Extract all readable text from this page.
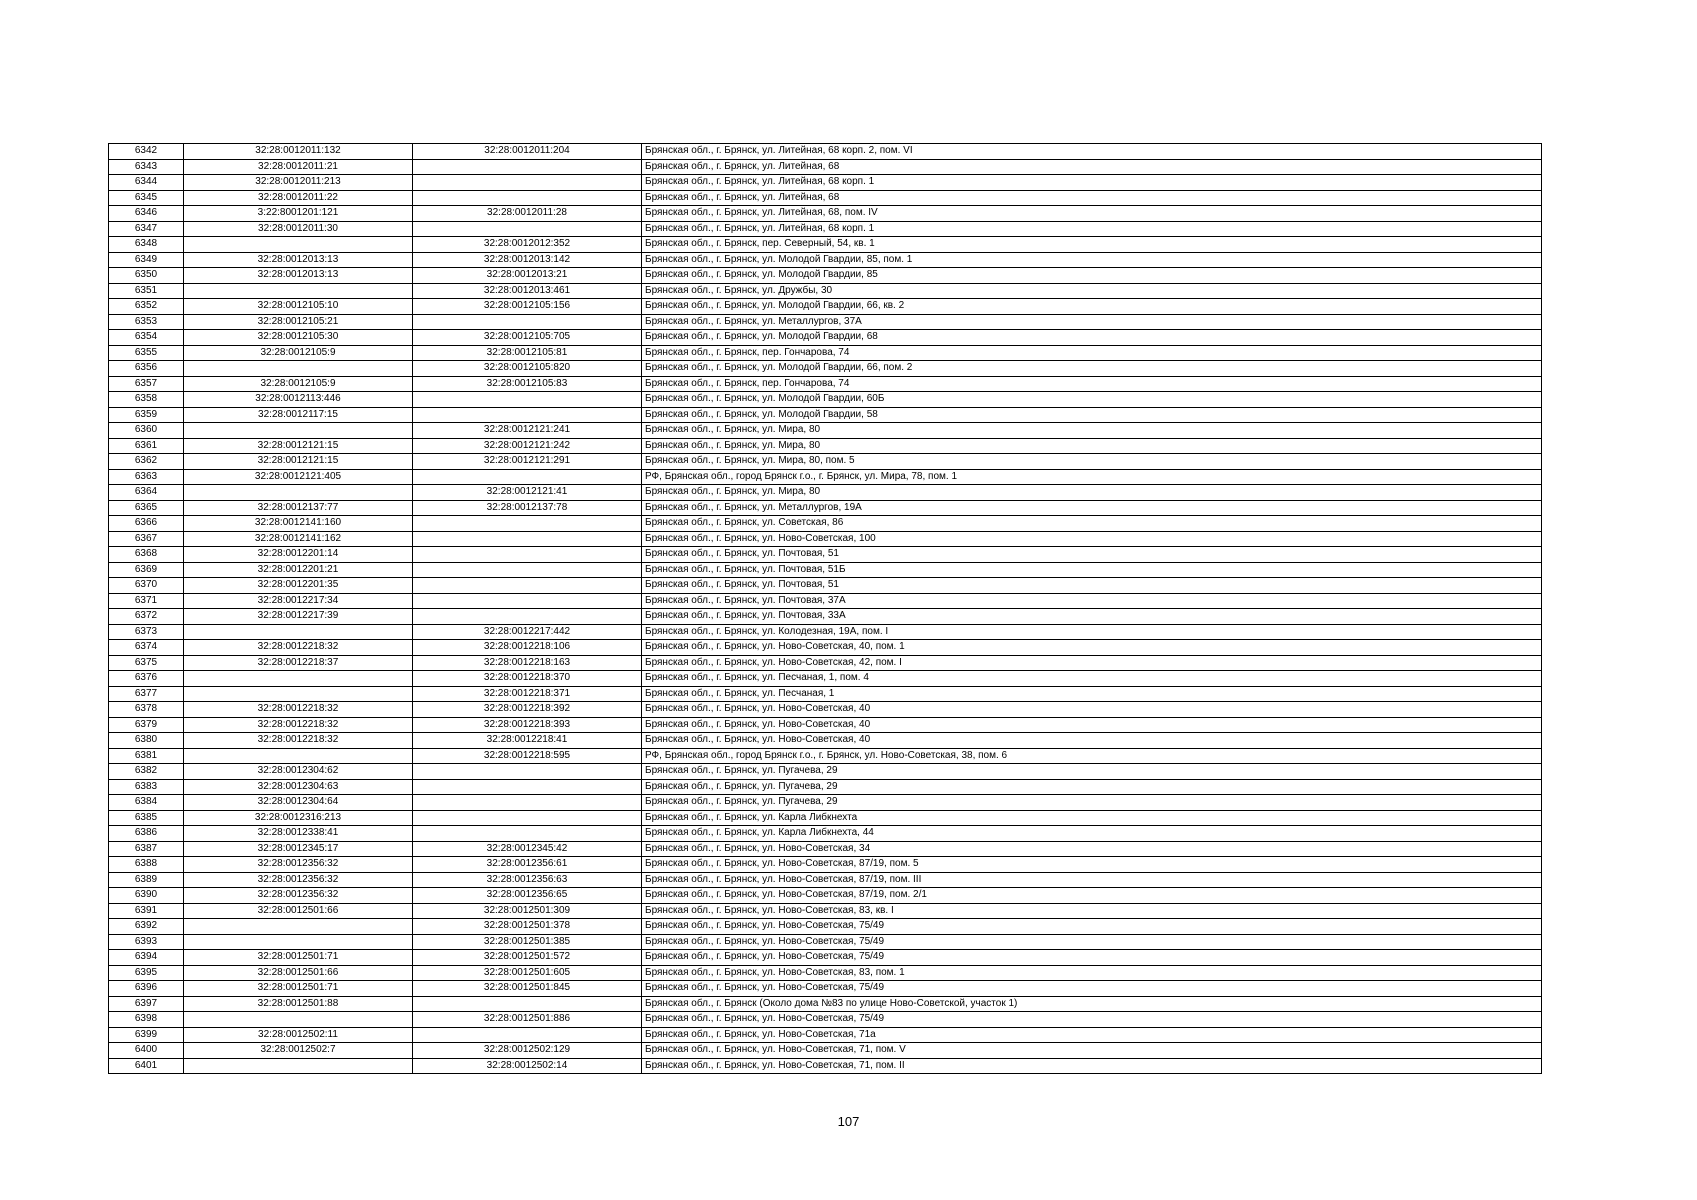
6342	32:28:0012011:132	32:28:0012011:204	Брянская обл., г. Брянск, ул. Литейная, 68 корп. 2, пом. VI
6343	32:28:0012011:21		Брянская обл., г. Брянск, ул. Литейная, 68
6344	32:28:0012011:213		Брянская обл., г. Брянск, ул. Литейная, 68 корп. 1
6345	32:28:0012011:22		Брянская обл., г. Брянск, ул. Литейная, 68
6346	3:22:8001201:121	32:28:0012011:28	Брянская обл., г. Брянск, ул. Литейная, 68, пом. IV
6347	32:28:0012011:30		Брянская обл., г. Брянск, ул. Литейная, 68 корп. 1
6348		32:28:0012012:352	Брянская обл., г. Брянск, пер. Северный, 54, кв. 1
6349	32:28:0012013:13	32:28:0012013:142	Брянская обл., г. Брянск, ул. Молодой Гвардии, 85, пом. 1
6350	32:28:0012013:13	32:28:0012013:21	Брянская обл., г. Брянск, ул. Молодой Гвардии, 85
6351		32:28:0012013:461	Брянская обл., г. Брянск, ул. Дружбы, 30
6352	32:28:0012105:10	32:28:0012105:156	Брянская обл., г. Брянск, ул. Молодой Гвардии, 66, кв. 2
6353	32:28:0012105:21		Брянская обл., г. Брянск, ул. Металлургов, 37А
6354	32:28:0012105:30	32:28:0012105:705	Брянская обл., г. Брянск, ул. Молодой Гвардии, 68
6355	32:28:0012105:9	32:28:0012105:81	Брянская обл., г. Брянск, пер. Гончарова, 74
6356		32:28:0012105:820	Брянская обл., г. Брянск, ул. Молодой Гвардии, 66, пом. 2
6357	32:28:0012105:9	32:28:0012105:83	Брянская обл., г. Брянск, пер. Гончарова, 74
6358	32:28:0012113:446		Брянская обл., г. Брянск, ул. Молодой Гвардии, 60Б
6359	32:28:0012117:15		Брянская обл., г. Брянск, ул. Молодой Гвардии, 58
6360		32:28:0012121:241	Брянская обл., г. Брянск, ул. Мира, 80
6361	32:28:0012121:15	32:28:0012121:242	Брянская обл., г. Брянск, ул. Мира, 80
6362	32:28:0012121:15	32:28:0012121:291	Брянская обл., г. Брянск, ул. Мира, 80, пом. 5
6363	32:28:0012121:405		РФ, Брянская обл., город Брянск г.о., г. Брянск, ул. Мира, 78, пом. 1
6364		32:28:0012121:41	Брянская обл., г. Брянск, ул. Мира, 80
6365	32:28:0012137:77	32:28:0012137:78	Брянская обл., г. Брянск, ул. Металлургов, 19А
6366	32:28:0012141:160		Брянская обл., г. Брянск, ул. Советская, 86
6367	32:28:0012141:162		Брянская обл., г. Брянск, ул. Ново-Советская, 100
6368	32:28:0012201:14		Брянская обл., г. Брянск, ул. Почтовая, 51
6369	32:28:0012201:21		Брянская обл., г. Брянск, ул. Почтовая, 51Б
6370	32:28:0012201:35		Брянская обл., г. Брянск, ул. Почтовая, 51
6371	32:28:0012217:34		Брянская обл., г. Брянск, ул. Почтовая, 37А
6372	32:28:0012217:39		Брянская обл., г. Брянск, ул. Почтовая, 33А
6373		32:28:0012217:442	Брянская обл., г. Брянск, ул. Колодезная, 19А, пом. I
6374	32:28:0012218:32	32:28:0012218:106	Брянская обл., г. Брянск, ул. Ново-Советская, 40, пом. 1
6375	32:28:0012218:37	32:28:0012218:163	Брянская обл., г. Брянск, ул. Ново-Советская, 42, пом. I
6376		32:28:0012218:370	Брянская обл., г. Брянск, ул. Песчаная, 1, пом. 4
6377		32:28:0012218:371	Брянская обл., г. Брянск, ул. Песчаная, 1
6378	32:28:0012218:32	32:28:0012218:392	Брянская обл., г. Брянск, ул. Ново-Советская, 40
6379	32:28:0012218:32	32:28:0012218:393	Брянская обл., г. Брянск, ул. Ново-Советская, 40
6380	32:28:0012218:32	32:28:0012218:41	Брянская обл., г. Брянск, ул. Ново-Советская, 40
6381		32:28:0012218:595	РФ, Брянская обл., город Брянск г.о., г. Брянск, ул. Ново-Советская, 38, пом. 6
6382	32:28:0012304:62		Брянская обл., г. Брянск, ул. Пугачева, 29
6383	32:28:0012304:63		Брянская обл., г. Брянск, ул. Пугачева, 29
6384	32:28:0012304:64		Брянская обл., г. Брянск, ул. Пугачева, 29
6385	32:28:0012316:213		Брянская обл., г. Брянск, ул. Карла Либкнехта
6386	32:28:0012338:41		Брянская обл., г. Брянск, ул. Карла Либкнехта, 44
6387	32:28:0012345:17	32:28:0012345:42	Брянская обл., г. Брянск, ул. Ново-Советская, 34
6388	32:28:0012356:32	32:28:0012356:61	Брянская обл., г. Брянск, ул. Ново-Советская, 87/19, пом. 5
6389	32:28:0012356:32	32:28:0012356:63	Брянская обл., г. Брянск, ул. Ново-Советская, 87/19, пом. III
6390	32:28:0012356:32	32:28:0012356:65	Брянская обл., г. Брянск, ул. Ново-Советская, 87/19, пом. 2/1
6391	32:28:0012501:66	32:28:0012501:309	Брянская обл., г. Брянск, ул. Ново-Советская, 83, кв. I
6392		32:28:0012501:378	Брянская обл., г. Брянск, ул. Ново-Советская, 75/49
6393		32:28:0012501:385	Брянская обл., г. Брянск, ул. Ново-Советская, 75/49
6394	32:28:0012501:71	32:28:0012501:572	Брянская обл., г. Брянск, ул. Ново-Советская, 75/49
6395	32:28:0012501:66	32:28:0012501:605	Брянская обл., г. Брянск, ул. Ново-Советская, 83, пом. 1
6396	32:28:0012501:71	32:28:0012501:845	Брянская обл., г. Брянск, ул. Ново-Советская, 75/49
6397	32:28:0012501:88		Брянская обл., г. Брянск (Около дома №83 по улице Ново-Советской, участок 1)
6398		32:28:0012501:886	Брянская обл., г. Брянск, ул. Ново-Советская, 75/49
6399	32:28:0012502:11		Брянская обл., г. Брянск, ул. Ново-Советская, 71а
6400	32:28:0012502:7	32:28:0012502:129	Брянская обл., г. Брянск, ул. Ново-Советская, 71, пом. V
6401		32:28:0012502:14	Брянская обл., г. Брянск, ул. Ново-Советская, 71, пом. II
107
